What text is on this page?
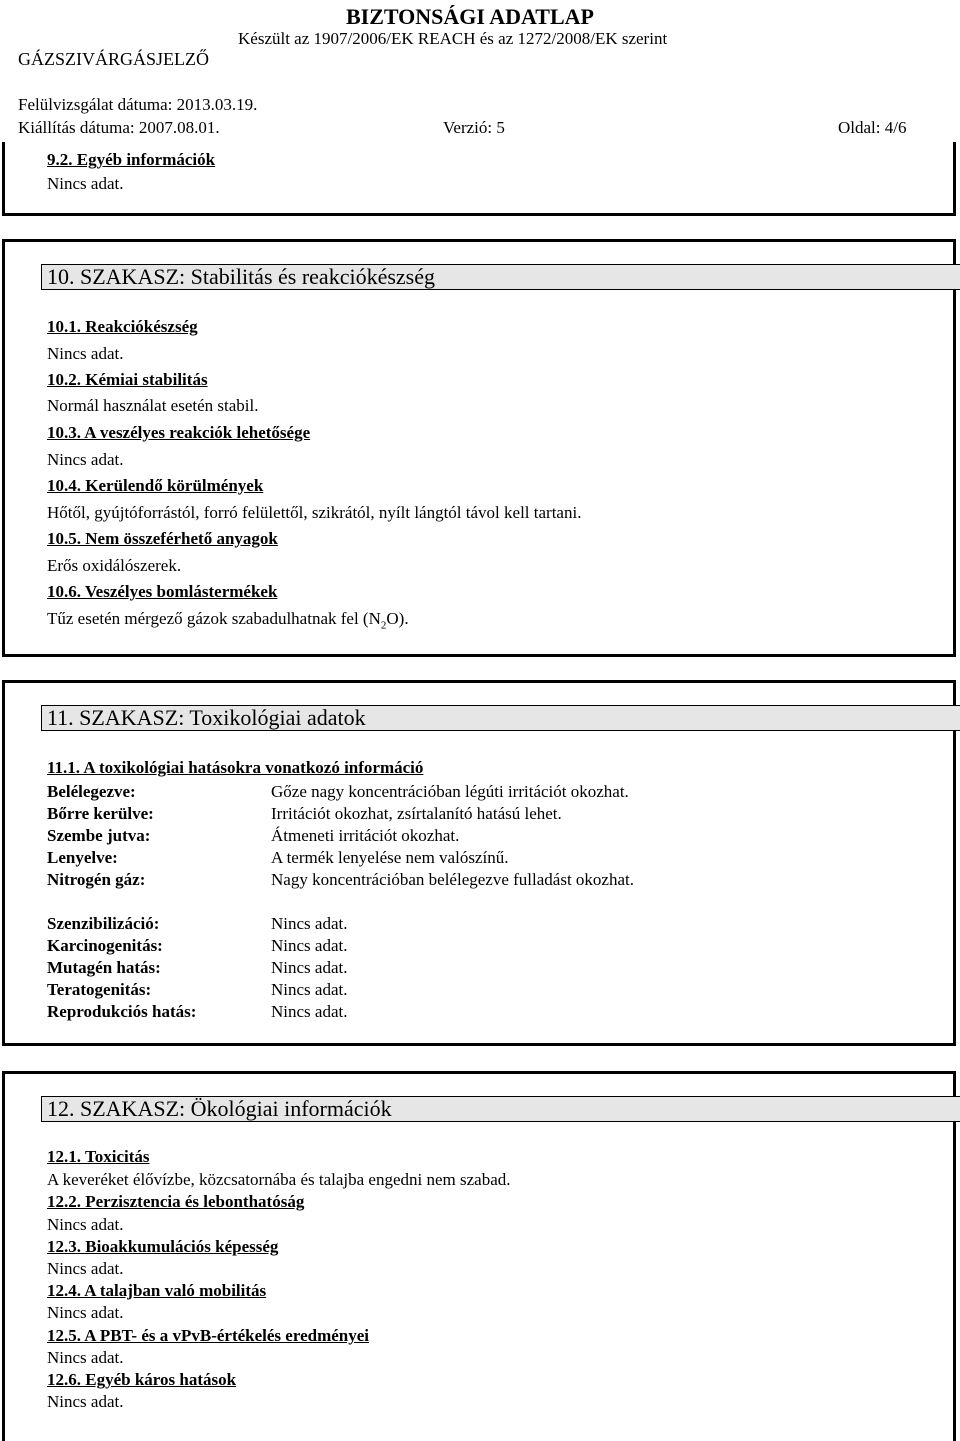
BIZTONSÁGI ADATLAP
Készült az 1907/2006/EK REACH és az 1272/2008/EK szerint
GÁZSZIVÁRGÁSJELZŐ
Felülvizsgálat dátuma: 2013.03.19.
Kiállítás dátuma: 2007.08.01.	Verzió: 5	Oldal: 4/6
9.2. Egyéb információk
Nincs adat.
10. SZAKASZ: Stabilitás és reakciókészség
10.1. Reakciókészség
Nincs adat.
10.2. Kémiai stabilitás
Normál használat esetén stabil.
10.3. A veszélyes reakciók lehetősége
Nincs adat.
10.4. Kerülendő körülmények
Hőtől, gyújtóforrástól, forró felülettől, szikrától, nyílt lángtól távol kell tartani.
10.5. Nem összeférhető anyagok
Erős oxidálószerek.
10.6. Veszélyes bomlástermékek
Tűz esetén mérgező gázok szabadulhatnak fel $(N_2O)$.
11. SZAKASZ: Toxikológiai adatok
11.1. A toxikológiai hatásokra vonatkozó információ
Belélegezve:	Gőze nagy koncentrációban légúti irritációt okozhat.
Bőrre kerülve:	Irritációt okozhat, zsírtalanító hatású lehet.
Szembe jutva:	Átmeneti irritációt okozhat.
Lenyelve:	A termék lenyelése nem valószínű.
Nitrogén gáz:	Nagy koncentrációban belélegezve fulladást okozhat.
Szenzibilizáció:	Nincs adat.
Karcinogenitás:	Nincs adat.
Mutagén hatás:	Nincs adat.
Teratogenitás:	Nincs adat.
Reprodukciós hatás:	Nincs adat.
12. SZAKASZ: Ökológiai információk
12.1. Toxicitás
A keveréket élővízbe, közcsatornába és talajba engedni nem szabad.
12.2. Perzisztencia és lebonthatóság
Nincs adat.
12.3. Bioakkumulációs képesség
Nincs adat.
12.4. A talajban való mobilitás
Nincs adat.
12.5. A PBT- és a vPvB-értékelés eredményei
Nincs adat.
12.6. Egyéb káros hatások
Nincs adat.
